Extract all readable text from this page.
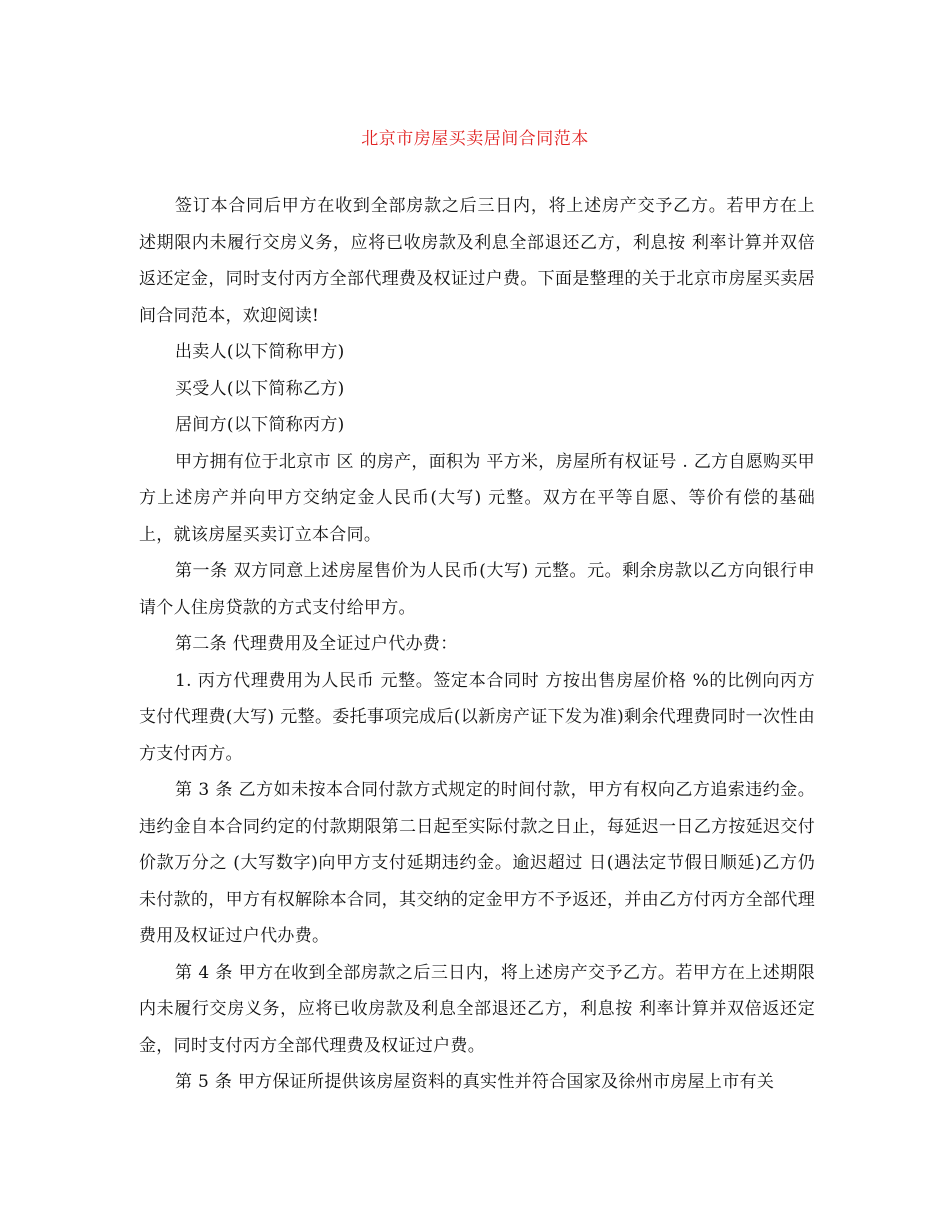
北京市房屋买卖居间合同范本

签订本合同后甲方在收到全部房款之后三日内，将上述房产交予乙方。若甲方在上述期限内未履行交房义务，应将已收房款及利息全部退还乙方，利息按 利率计算并双倍返还定金，同时支付丙方全部代理费及权证过户费。下面是整理的关于北京市房屋买卖居间合同范本，欢迎阅读!

出卖人(以下简称甲方)

买受人(以下简称乙方)

居间方(以下简称丙方)

甲方拥有位于北京市 区 的房产，面积为 平方米，房屋所有权证号 . 乙方自愿购买甲方上述房产并向甲方交纳定金人民币(大写) 元整。双方在平等自愿、等价有偿的基础上，就该房屋买卖订立本合同。

第一条 双方同意上述房屋售价为人民币(大写) 元整。元。剩余房款以乙方向银行申请个人住房贷款的方式支付给甲方。

第二条 代理费用及全证过户代办费：

1. 丙方代理费用为人民币 元整。签定本合同时 方按出售房屋价格 %的比例向丙方支付代理费(大写) 元整。委托事项完成后(以新房产证下发为准)剩余代理费同时一次性由 方支付丙方。

第 3 条 乙方如未按本合同付款方式规定的时间付款，甲方有权向乙方追索违约金。违约金自本合同约定的付款期限第二日起至实际付款之日止，每延迟一日乙方按延迟交付价款万分之 (大写数字)向甲方支付延期违约金。逾迟超过 日(遇法定节假日顺延)乙方仍未付款的，甲方有权解除本合同，其交纳的定金甲方不予返还，并由乙方付丙方全部代理费用及权证过户代办费。

第 4 条 甲方在收到全部房款之后三日内，将上述房产交予乙方。若甲方在上述期限内未履行交房义务，应将已收房款及利息全部退还乙方，利息按 利率计算并双倍返还定金，同时支付丙方全部代理费及权证过户费。

第 5 条 甲方保证所提供该房屋资料的真实性并符合国家及徐州市房屋上市有关
